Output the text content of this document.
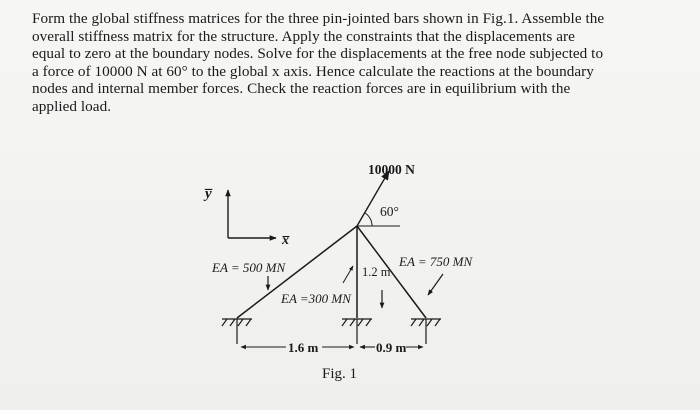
Form the global stiffness matrices for the three pin-jointed bars shown in Fig.1. Assemble the
overall stiffness matrix for the structure. Apply the constraints that the displacements are
equal to zero at the boundary nodes. Solve for the displacements at the free node subjected to
a force of 10000 N at 60° to the global x axis. Hence calculate the reactions at the boundary
nodes and internal member forces. Check the reaction forces are in equilibrium with the
applied load.
y̅
x̅
10000 N
60°
EA = 500 MN	EA = 750 MN
EA =300 MN
1.2 m
1.6 m	0.9 m
Fig. 1
